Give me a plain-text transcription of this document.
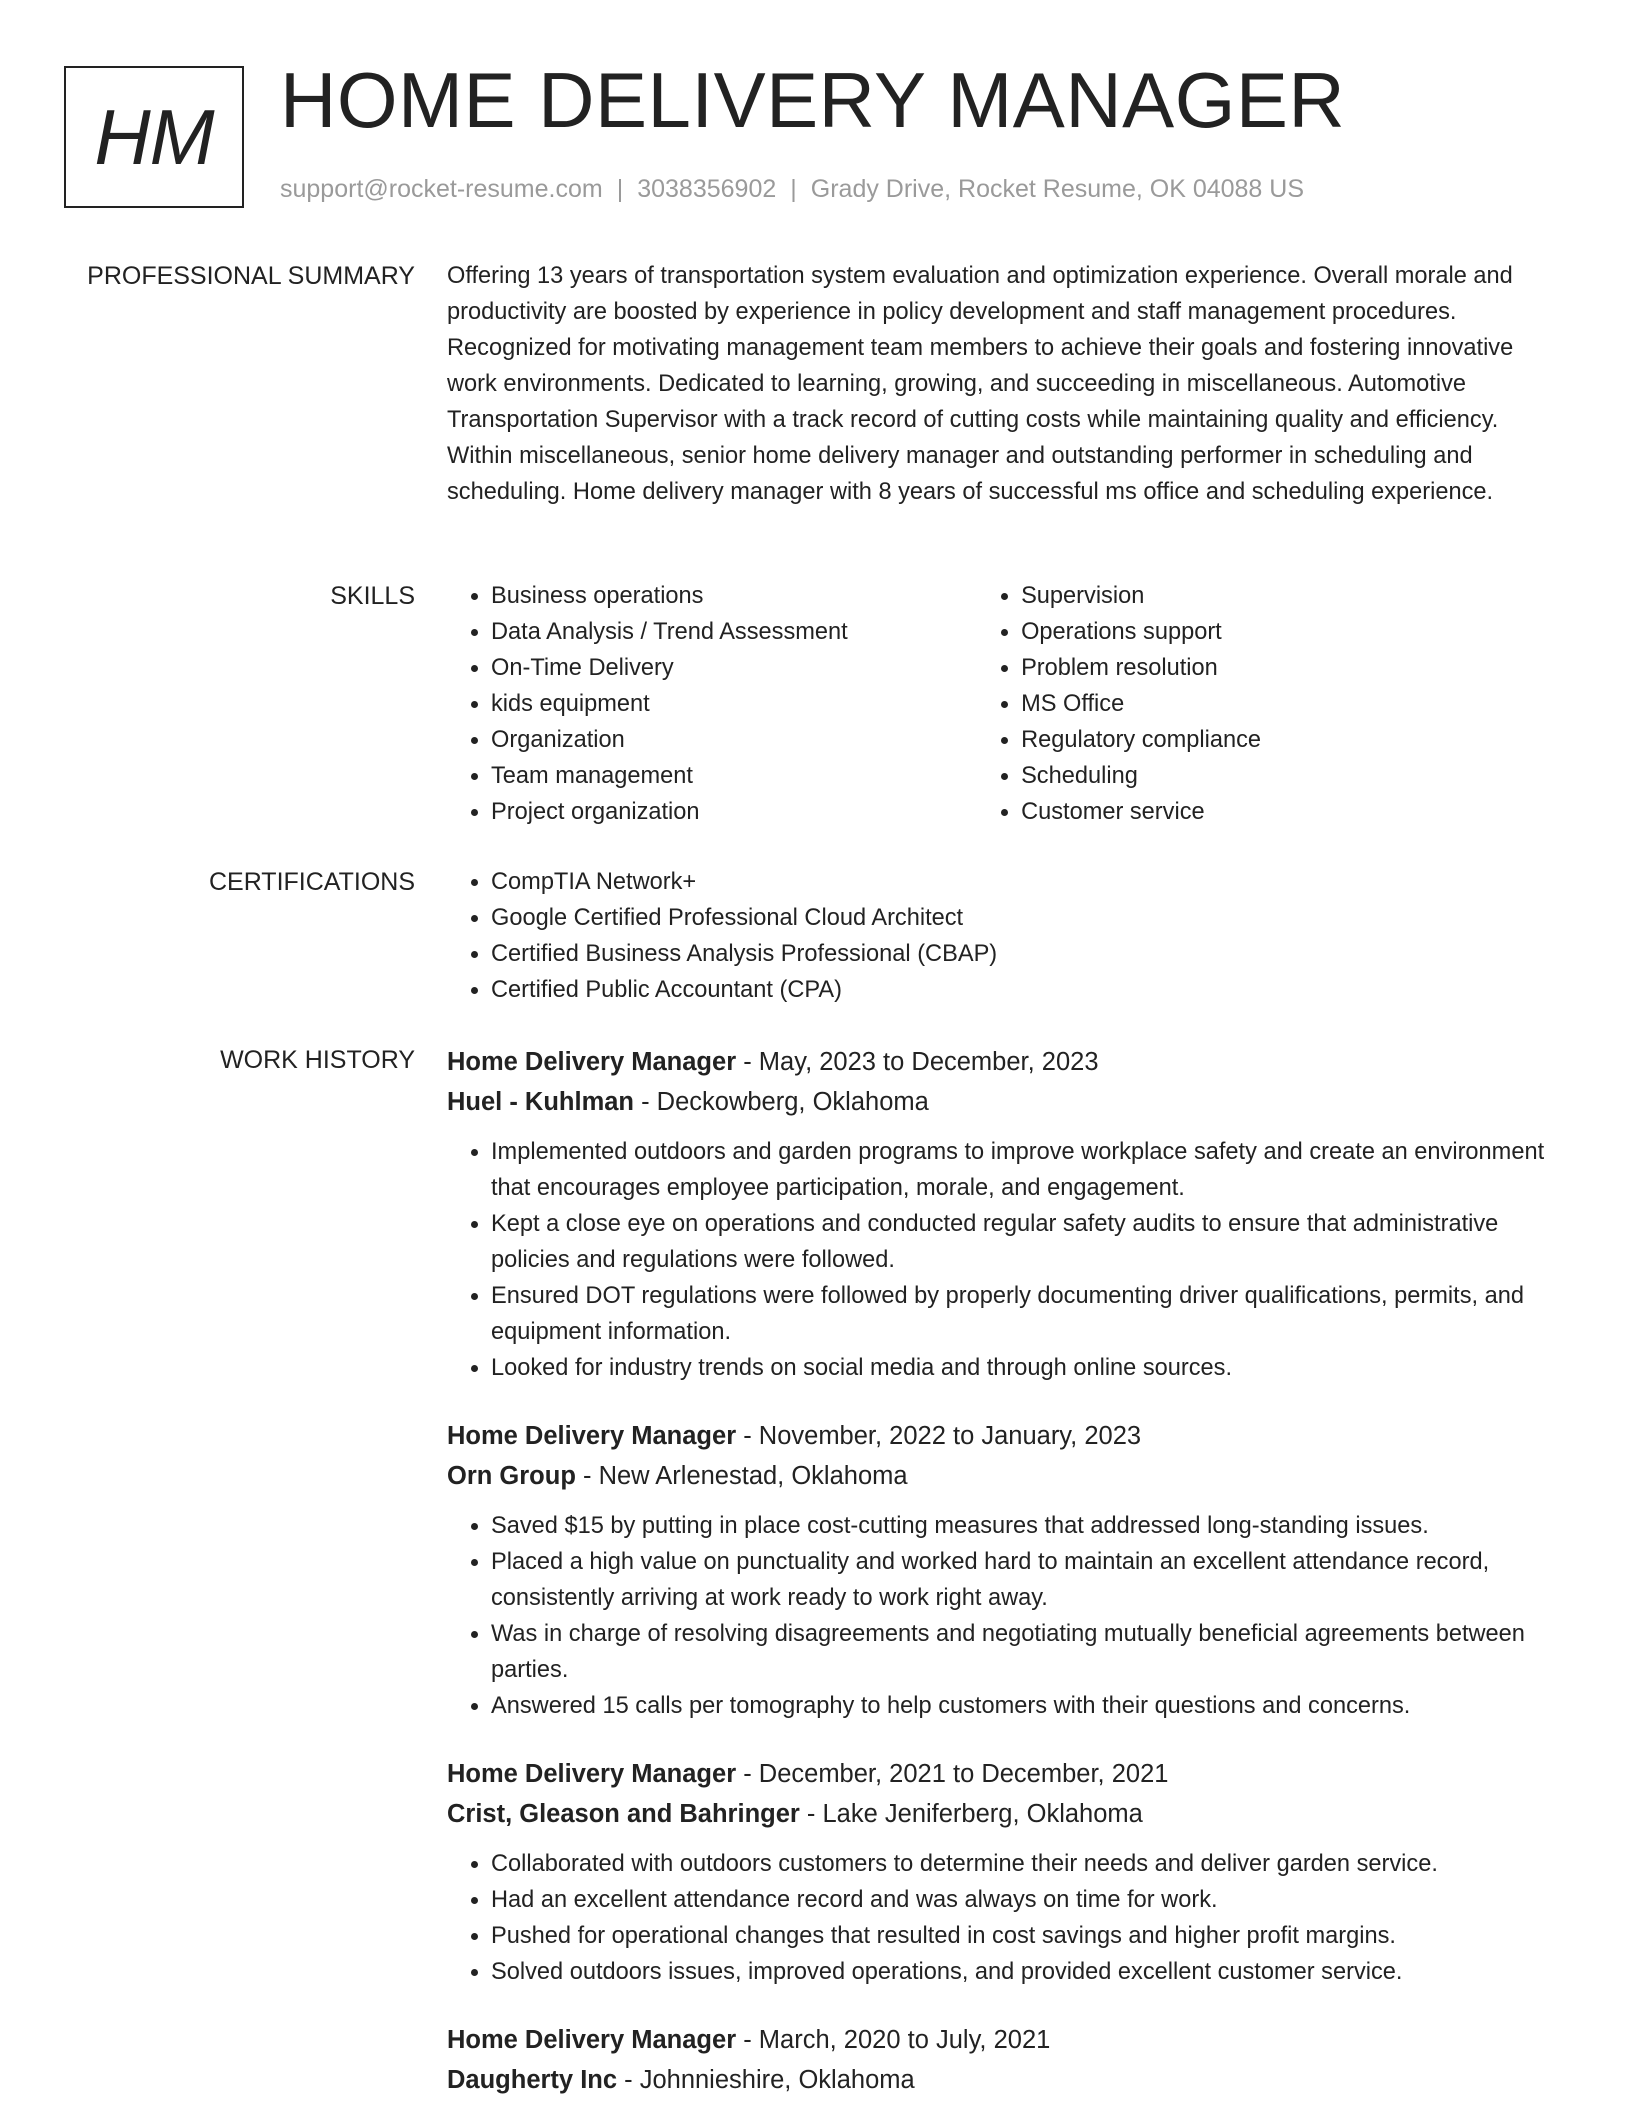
HM HOME DELIVERY MANAGER
support@rocket-resume.com | 3038356902 | Grady Drive, Rocket Resume, OK 04088 US
PROFESSIONAL SUMMARY Offering 13 years of transportation system evaluation and optimization experience. Overall morale and productivity are boosted by experience in policy development and staff management procedures. Recognized for motivating management team members to achieve their goals and fostering innovative work environments. Dedicated to learning, growing, and succeeding in miscellaneous. Automotive Transportation Supervisor with a track record of cutting costs while maintaining quality and efficiency. Within miscellaneous, senior home delivery manager and outstanding performer in scheduling and scheduling. Home delivery manager with 8 years of successful ms office and scheduling experience.
SKILLS	• Business operations
• Data Analysis / Trend Assessment
• On-Time Delivery
• kids equipment
• Organization
• Team management
• Project organization
• Supervision
• Operations support
• Problem resolution
• MS Office
• Regulatory compliance
• Scheduling
• Customer service
CERTIFICATIONS	• CompTIA Network+
• Google Certified Professional Cloud Architect
• Certified Business Analysis Professional (CBAP)
• Certified Public Accountant (CPA)
WORK HISTORY Home Delivery Manager - May, 2023 to December, 2023
Huel - Kuhlman - Deckowberg, Oklahoma
• Implemented outdoors and garden programs to improve workplace safety and create an environment that encourages employee participation, morale, and engagement.
• Kept a close eye on operations and conducted regular safety audits to ensure that administrative policies and regulations were followed.
• Ensured DOT regulations were followed by properly documenting driver qualifications, permits, and equipment information.
• Looked for industry trends on social media and through online sources.
Home Delivery Manager - November, 2022 to January, 2023
Orn Group - New Arlenestad, Oklahoma
• Saved $15 by putting in place cost-cutting measures that addressed long-standing issues.
• Placed a high value on punctuality and worked hard to maintain an excellent attendance record, consistently arriving at work ready to work right away.
• Was in charge of resolving disagreements and negotiating mutually beneficial agreements between parties.
• Answered 15 calls per tomography to help customers with their questions and concerns.
Home Delivery Manager - December, 2021 to December, 2021
Crist, Gleason and Bahringer - Lake Jeniferberg, Oklahoma
• Collaborated with outdoors customers to determine their needs and deliver garden service.
• Had an excellent attendance record and was always on time for work.
• Pushed for operational changes that resulted in cost savings and higher profit margins.
• Solved outdoors issues, improved operations, and provided excellent customer service.
Home Delivery Manager - March, 2020 to July, 2021
Daugherty Inc - Johnnieshire, Oklahoma
